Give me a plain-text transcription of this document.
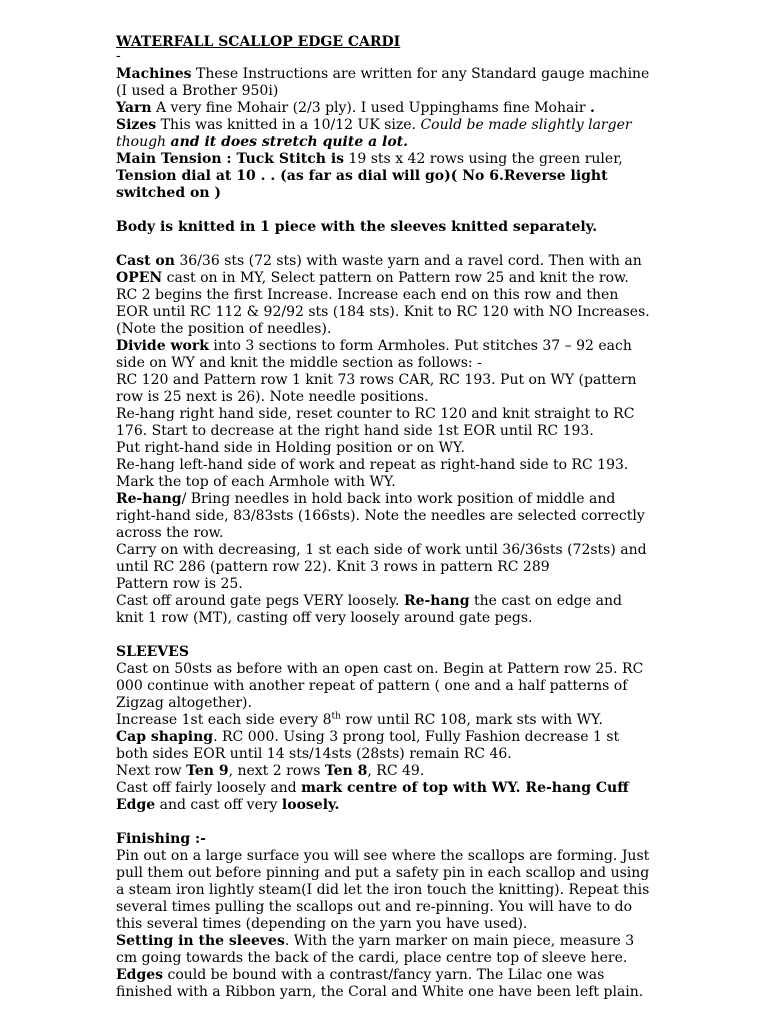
WATERFALL SCALLOP EDGE CARDI

-

Machines These Instructions are written for any Standard gauge machine (I used a Brother 950i)

Yarn A very fine Mohair (2/3 ply). I used Uppinghams fine Mohair .

Sizes This was knitted in a 10/12 UK size. Could be made slightly larger though and it does stretch quite a lot.

Main Tension : Tuck Stitch is 19 sts x 42 rows using the green ruler, Tension dial at 10 . . (as far as dial will go)( No 6.Reverse light switched on )

Body is knitted in 1 piece with the sleeves knitted separately.

Cast on 36/36 sts (72 sts) with waste yarn and a ravel cord. Then with an OPEN cast on in MY, Select pattern on Pattern row 25 and knit the row.

RC 2 begins the first Increase. Increase each end on this row and then EOR until RC 112 & 92/92 sts (184 sts). Knit to RC 120 with NO Increases. (Note the position of needles).

Divide work into 3 sections to form Armholes. Put stitches 37 – 92 each side on WY and knit the middle section as follows: -

RC 120 and Pattern row 1 knit 73 rows CAR, RC 193. Put on WY (pattern row is 25 next is 26). Note needle positions.

Re-hang right hand side, reset counter to RC 120 and knit straight to RC 176. Start to decrease at the right hand side 1st EOR until RC 193.

Put right-hand side in Holding position or on WY.

Re-hang left-hand side of work and repeat as right-hand side to RC 193. Mark the top of each Armhole with WY.

Re-hang/ Bring needles in hold back into work position of middle and right-hand side, 83/83sts (166sts). Note the needles are selected correctly across the row.

Carry on with decreasing, 1 st each side of work until 36/36sts (72sts) and until RC 286 (pattern row 22). Knit 3 rows in pattern RC 289

Pattern row is 25.

Cast off around gate pegs VERY loosely. Re-hang the cast on edge and knit 1 row (MT), casting off very loosely around gate pegs.

SLEEVES

Cast on 50sts as before with an open cast on. Begin at Pattern row 25. RC 000 continue with another repeat of pattern ( one and a half patterns of Zigzag altogether).

Increase 1st each side every 8th row until RC 108, mark sts with WY.

Cap shaping. RC 000. Using 3 prong tool, Fully Fashion decrease 1 st both sides EOR until 14 sts/14sts (28sts) remain RC 46.

Next row Ten 9, next 2 rows Ten 8, RC 49.

Cast off fairly loosely and mark centre of top with WY. Re-hang Cuff Edge and cast off very loosely.

Finishing :-

Pin out on a large surface you will see where the scallops are forming. Just pull them out before pinning and put a safety pin in each scallop and using a steam iron lightly steam(I did let the iron touch the knitting). Repeat this several times pulling the scallops out and re-pinning. You will have to do this several times (depending on the yarn you have used).

Setting in the sleeves. With the yarn marker on main piece, measure 3 cm going towards the back of the cardi, place centre top of sleeve here.

Edges could be bound with a contrast/fancy yarn. The Lilac one was finished with a Ribbon yarn, the Coral and White one have been left plain.
